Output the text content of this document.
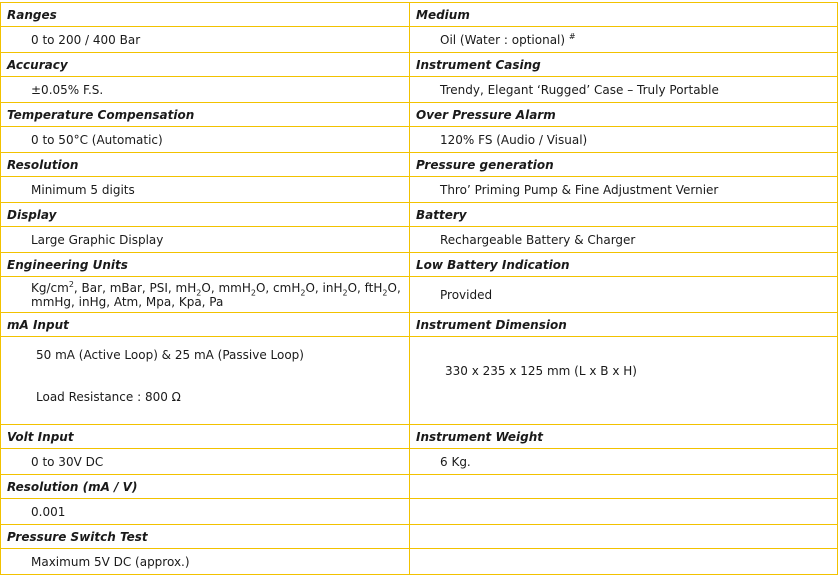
Ranges	Medium
0 to 200 / 400 Bar	Oil (Water : optional) #
Accuracy	Instrument Casing
±0.05% F.S.	Trendy, Elegant ‘Rugged’ Case – Truly Portable
Temperature Compensation	Over Pressure Alarm
0 to 50°C (Automatic)	120% FS (Audio / Visual)
Resolution	Pressure generation
Minimum 5 digits	Thro’ Priming Pump & Fine Adjustment Vernier
Display	Battery
Large Graphic Display	Rechargeable Battery & Charger
Engineering Units	Low Battery Indication

$Kg/cm^2$, Bar, mBar, PSI, $mH_2O$, mmH$_2$O, cmH$_2$O, inH$_2$O, ftH$_2$O,
mmHg, inHg, Atm, Mpa, Kpa, Pa	Provided
mA Input	Instrument Dimension

50 mA (Active Loop) & 25 mA (Passive Loop)
Load Resistance : 800 Ω	330 x 235 x 125 mm (L x B x H)
Volt Input	Instrument Weight
0 to 30V DC	6 Kg.
Resolution (mA / V)	
0.001	
Pressure Switch Test	
Maximum 5V DC (approx.)	
